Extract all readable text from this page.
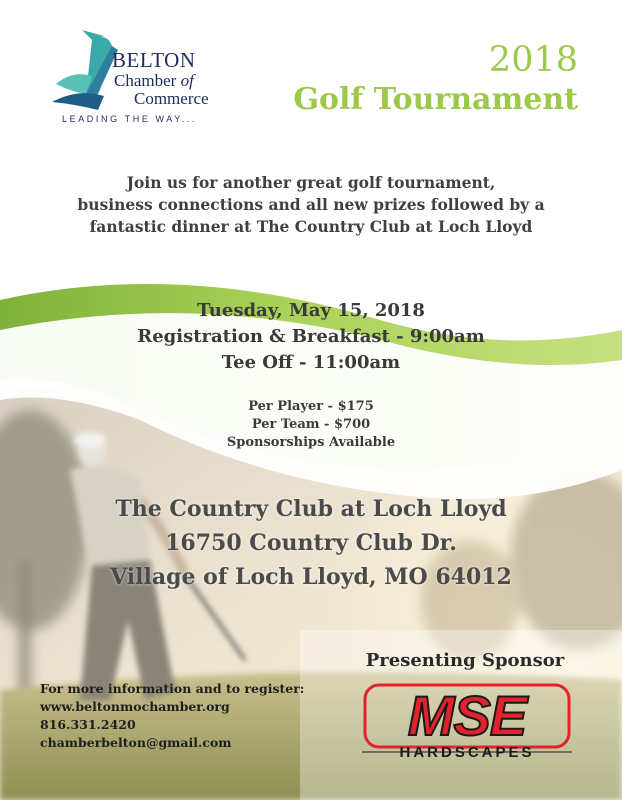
BELTON
Chamber of
Commerce
LEADING THE WAY...
2018
Golf Tournament
Join us for another great golf tournament,
business connections and all new prizes followed by a
fantastic dinner at The Country Club at Loch Lloyd
Tuesday, May 15, 2018
Registration & Breakfast - 9:00am
Tee Off - 11:00am
Per Player - $175
Per Team - $700
Sponsorships Available
The Country Club at Loch Lloyd
16750 Country Club Dr.
Village of Loch Lloyd, MO 64012
For more information and to register:
www.beltonmochamber.org
816.331.2420
chamberbelton@gmail.com
Presenting Sponsor
MSE
HARDSCAPES
